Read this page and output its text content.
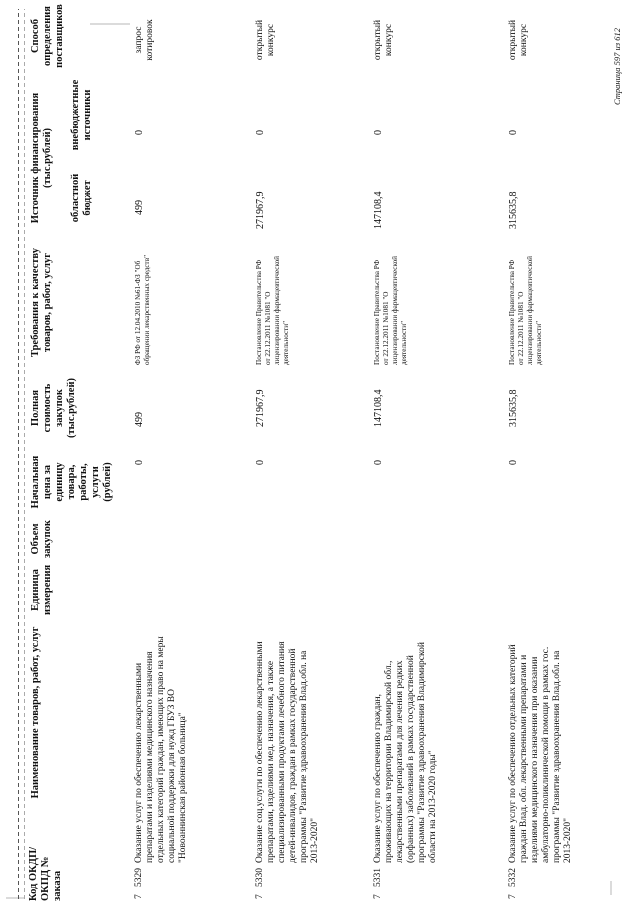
Код ОКДП/ ОКПД № заказа
Наименование товаров, работ, услуг
Единица измерения
Объем закупок
Начальная цена за единицу товара, работы, услуги (рублей)
Полная стоимость закупок (тыс.рублей)
Требования к качеству товаров, работ, услуг
Источник финансирования (тыс.рублей)
областной бюджет
внебюджетные источники
Способ определения поставщиков
7
5329
Оказание услуг по обеспечению лекарственными препаратами и изделиями медицинского назначения отдельных категорий граждан, имеющих право на меры социальной поддержки для нужд ГБУЗ ВО "Новоаннинская районная больница"
0
499
ФЗ РФ от 12.04.2010 №61-ФЗ "Об обращении лекарственных средств"
499
0
запрос котировок
7
5330
Оказание соц.услуги по обеспечению лекарственными препаратами, изделиями мед. назначения, а также специализированными продуктами лечебного питания детей-инвалидов, граждан в рамках государственной программы "Развитие здравоохранения Влад.обл. на 2013-2020"
0
271967,9
Постановление Правительства РФ от 22.12.2011 №1081 "О лицензировании фармацевтической деятельности"
271967,9
0
открытый конкурс
7
5331
Оказание услуг по обеспечению граждан, проживающих на территории Владимирской обл., лекарственными препаратами для лечения редких (орфанных) заболеваний в рамках государственной программы "Развитие здравоохранения Владимирской области на 2013-2020 годы"
0
147108,4
Постановление Правительства РФ от 22.12.2011 №1081 "О лицензировании фармацевтической деятельности"
147108,4
0
открытый конкурс
7
5332
Оказание услуг по обеспечению отдельных категорий граждан Влад. обл. лекарственными препаратами и изделиями медицинского назначения при оказании амбулаторно-поликлинической помощи в рамках гос. программы "Развитие здравоохранения Влад.обл. на 2013-2020"
0
315635,8
Постановление Правительства РФ от 22.12.2011 №1081 "О лицензировании фармацевтической деятельности"
315635,8
0
открытый конкурс	Страница 597 из 612
